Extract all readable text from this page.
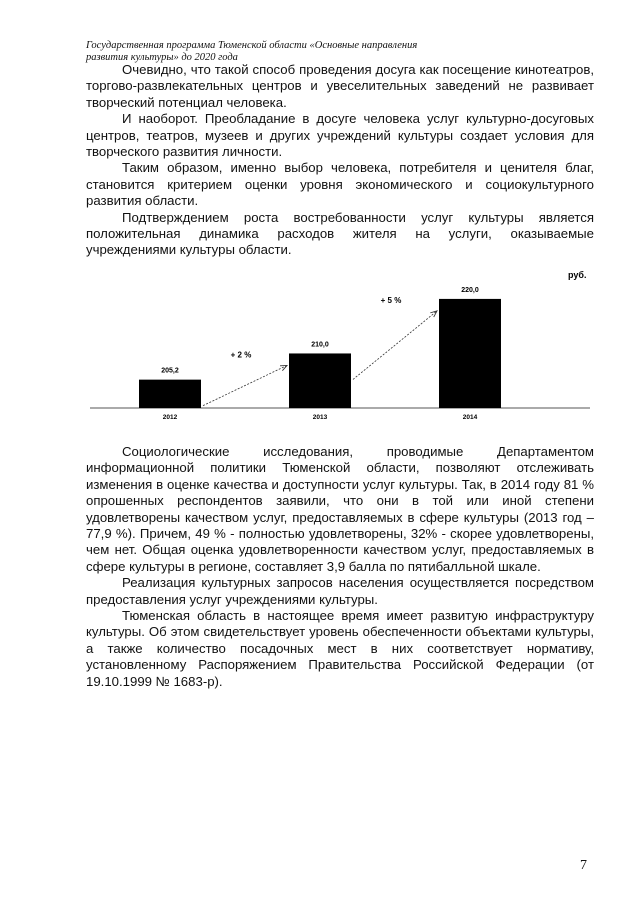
Государственная программа Тюменской области «Основные направления
развития культуры» до 2020 года

Очевидно, что такой способ проведения досуга как посещение кинотеатров, торгово-развлекательных центров и увеселительных заведений не развивает творческий потенциал человека.

И наоборот. Преобладание в досуге человека услуг культурно-досуговых центров, театров, музеев и других учреждений культуры создает условия для творческого развития личности.

Таким образом, именно выбор человека, потребителя и ценителя благ, становится критерием оценки уровня экономического и социокультурного развития области.

Подтверждением роста востребованности услуг культуры является положительная динамика расходов жителя на услуги, оказываемые учреждениями культуры области.

205,2
2012
210,0
2013
220,0
2014
руб.
+ 2 %
+ 5 %

Социологические исследования, проводимые Департаментом информационной политики Тюменской области, позволяют отслеживать изменения в оценке качества и доступности услуг культуры. Так, в 2014 году 81 % опрошенных респондентов заявили, что они в той или иной степени удовлетворены качеством услуг, предоставляемых в сфере культуры (2013 год – 77,9 %). Причем, 49 % - полностью удовлетворены, 32% - скорее удовлетворены, чем нет. Общая оценка удовлетворенности качеством услуг, предоставляемых в сфере культуры в регионе, составляет 3,9 балла по пятибалльной шкале.

Реализация культурных запросов населения осуществляется посредством предоставления услуг учреждениями культуры.

Тюменская область в настоящее время имеет развитую инфраструктуру культуры. Об этом свидетельствует уровень обеспеченности объектами культуры, а также количество посадочных мест в них соответствует нормативу, установленному Распоряжением Правительства Российской Федерации (от 19.10.1999 № 1683-р).

7
